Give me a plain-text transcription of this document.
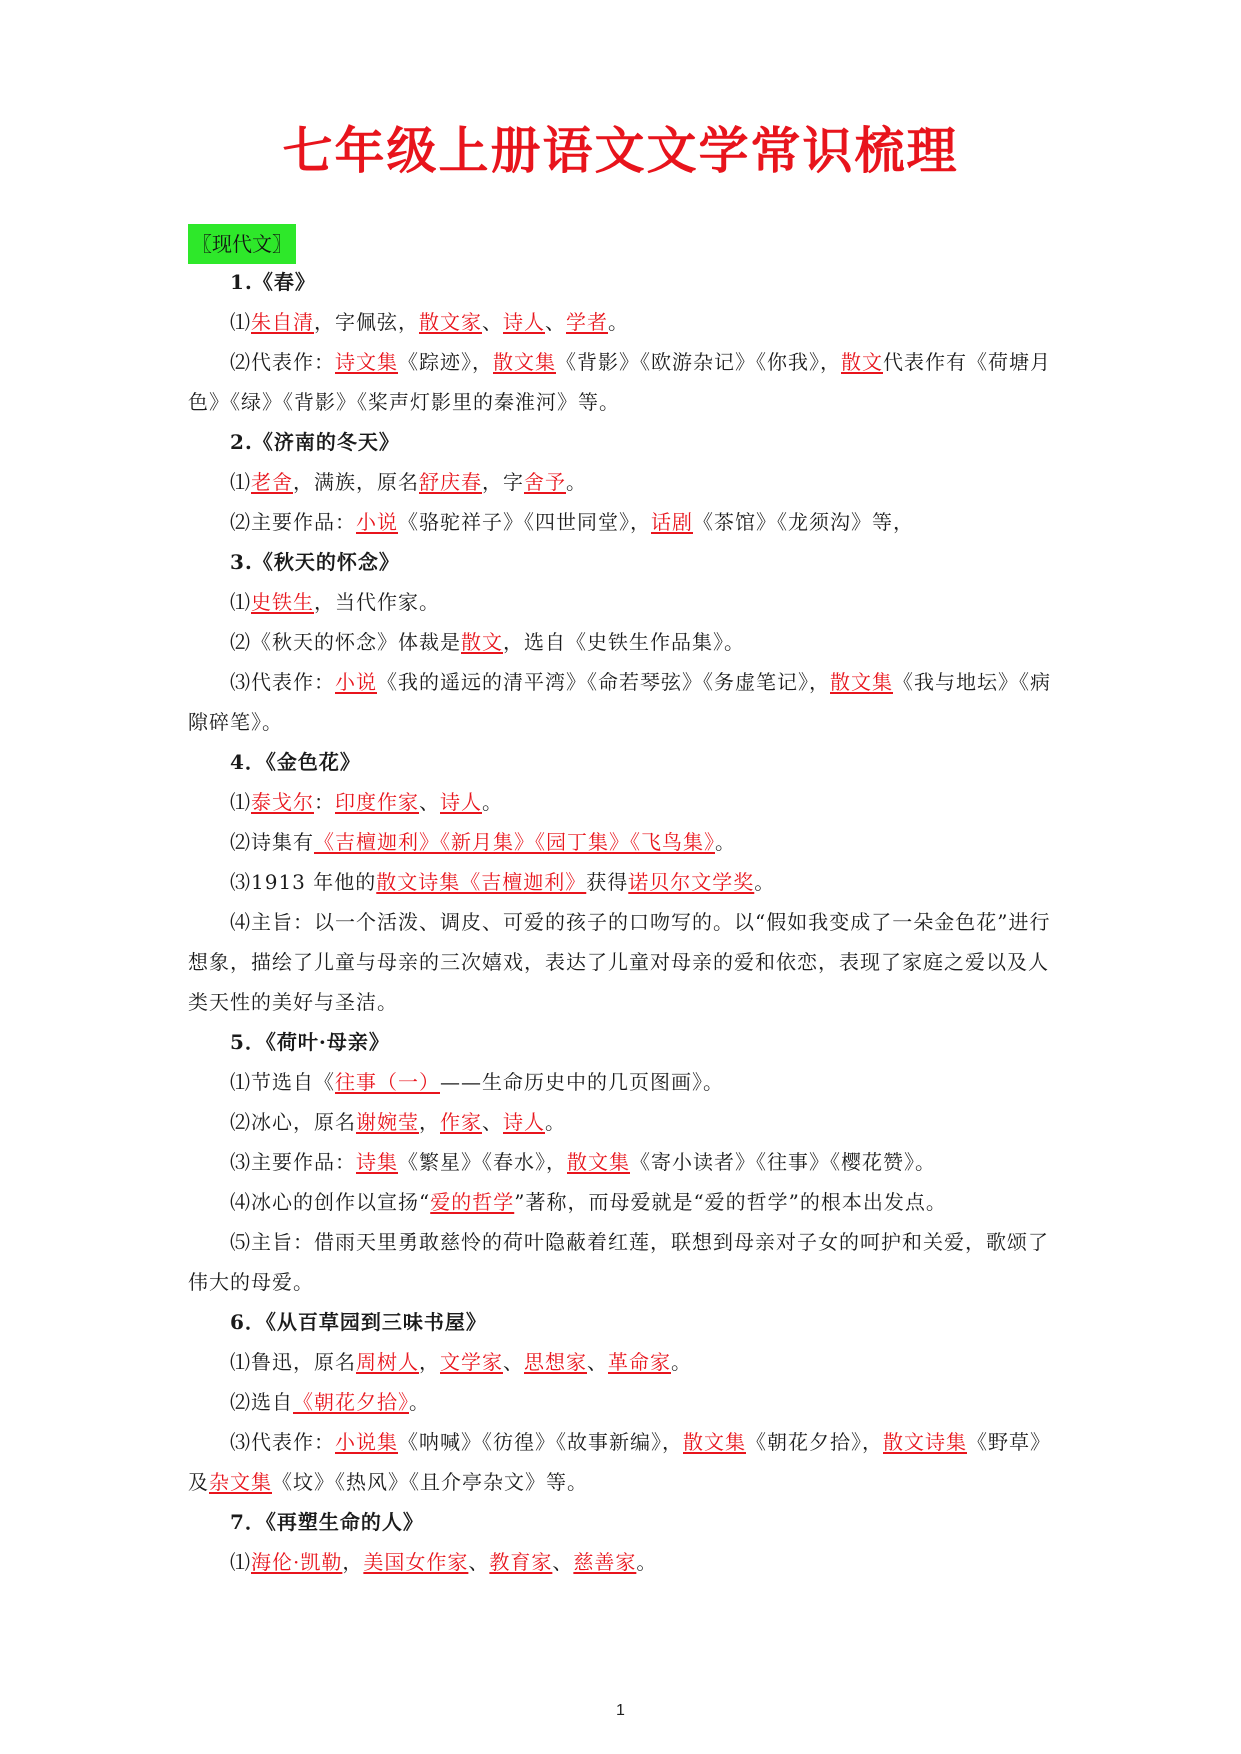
七年级上册语文文学常识梳理
〖现代文〗
1.《春》
⑴朱自清，字佩弦，散文家、诗人、学者。
⑵代表作：诗文集《踪迹》，散文集《背影》《欧游杂记》《你我》，散文代表作有《荷塘月色》《绿》《背影》《桨声灯影里的秦淮河》等。
2.《济南的冬天》
⑴老舍，满族，原名舒庆春，字舍予。
⑵主要作品：小说《骆驼祥子》《四世同堂》，话剧《茶馆》《龙须沟》等，
3.《秋天的怀念》
⑴史铁生，当代作家。
⑵《秋天的怀念》体裁是散文，选自《史铁生作品集》。
⑶代表作：小说《我的遥远的清平湾》《命若琴弦》《务虚笔记》，散文集《我与地坛》《病隙碎笔》。
4．《金色花》
⑴泰戈尔：印度作家、诗人。
⑵诗集有《吉檀迦利》《新月集》《园丁集》《飞鸟集》。
⑶1913 年他的散文诗集《吉檀迦利》获得诺贝尔文学奖。
⑷主旨：以一个活泼、调皮、可爱的孩子的口吻写的。以“假如我变成了一朵金色花”进行想象，描绘了儿童与母亲的三次嬉戏，表达了儿童对母亲的爱和依恋，表现了家庭之爱以及人类天性的美好与圣洁。
5．《荷叶·母亲》
⑴节选自《往事（一）——生命历史中的几页图画》。
⑵冰心，原名谢婉莹，作家、诗人。
⑶主要作品：诗集《繁星》《春水》，散文集《寄小读者》《往事》《樱花赞》。
⑷冰心的创作以宣扬“爱的哲学”著称，而母爱就是“爱的哲学”的根本出发点。
⑸主旨：借雨天里勇敢慈怜的荷叶隐蔽着红莲，联想到母亲对子女的呵护和关爱，歌颂了伟大的母爱。
6．《从百草园到三味书屋》
⑴鲁迅，原名周树人，文学家、思想家、革命家。
⑵选自《朝花夕拾》。
⑶代表作：小说集《呐喊》《彷徨》《故事新编》，散文集《朝花夕拾》，散文诗集《野草》及杂文集《坟》《热风》《且介亭杂文》等。
7．《再塑生命的人》
⑴海伦·凯勒，美国女作家、教育家、慈善家。
1
